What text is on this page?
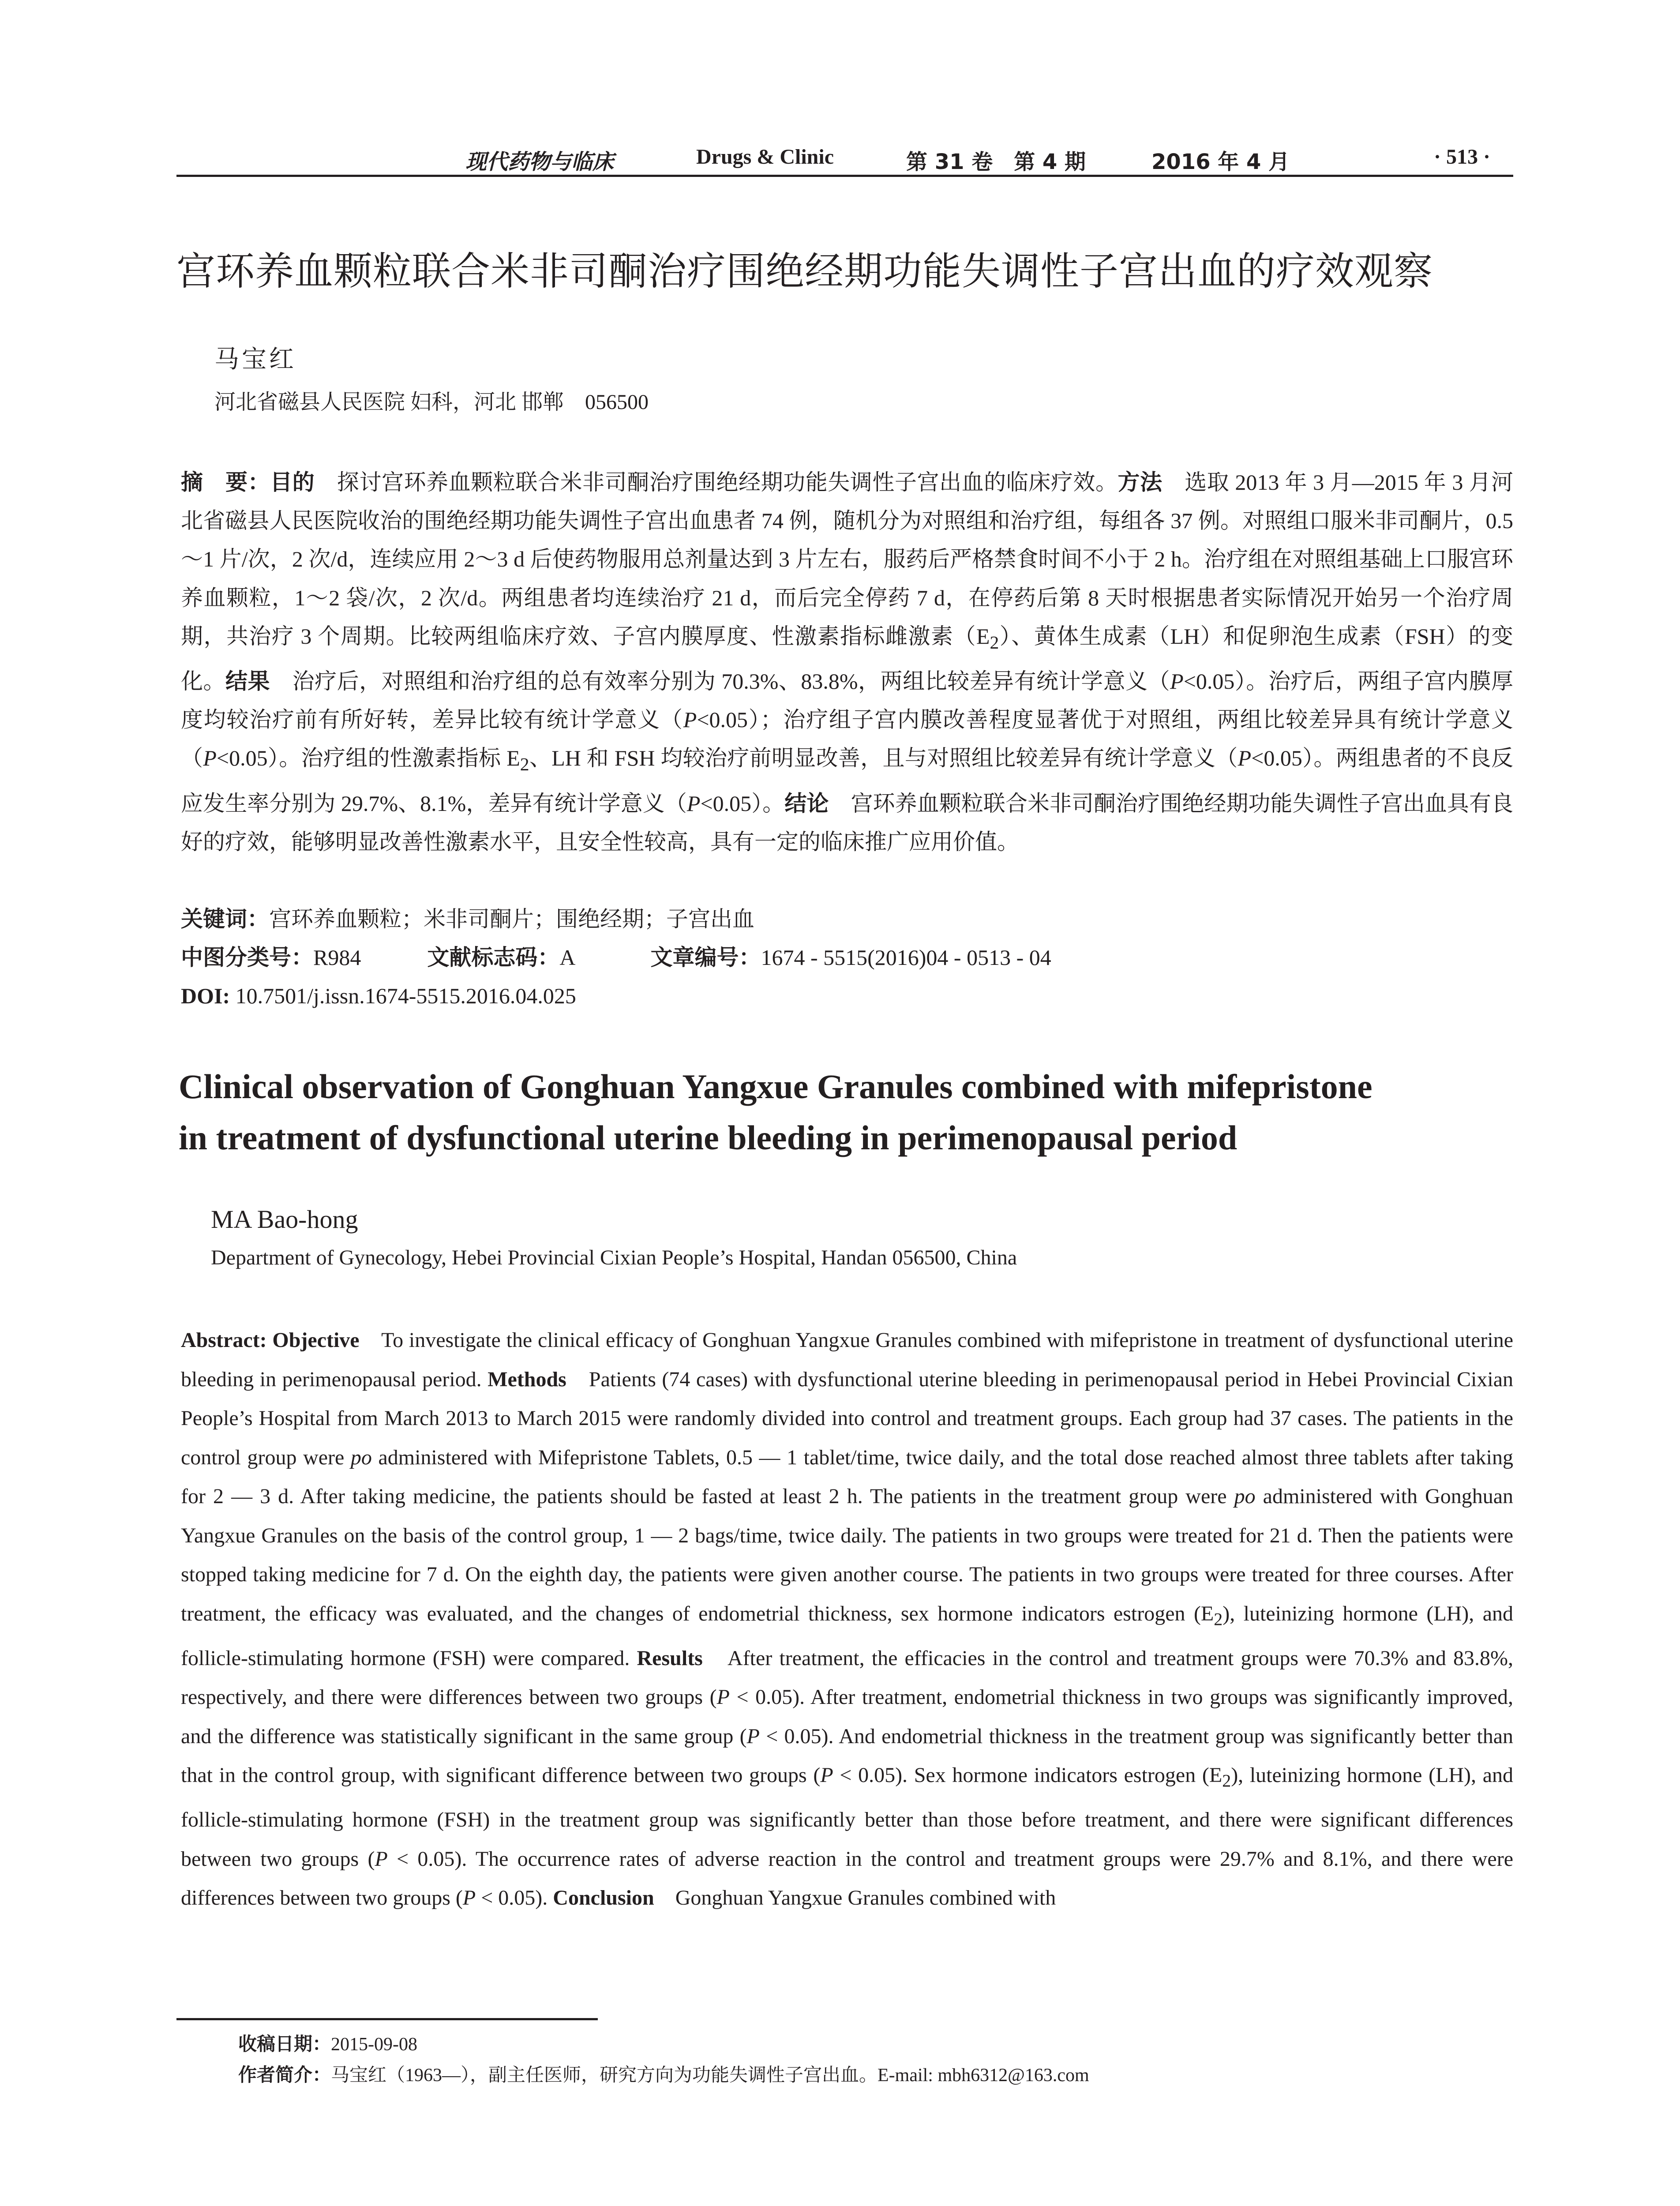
现代药物与临床	Drugs & Clinic	第 31 卷　第 4 期	2016 年 4 月	· 513 ·
宫环养血颗粒联合米非司酮治疗围绝经期功能失调性子宫出血的疗效观察
马宝红
河北省磁县人民医院 妇科，河北 邯郸　056500

摘　要：目的　探讨宫环养血颗粒联合米非司酮治疗围绝经期功能失调性子宫出血的临床疗效。方法　选取 2013 年 3 月—2015 年 3 月河北省磁县人民医院收治的围绝经期功能失调性子宫出血患者 74 例，随机分为对照组和治疗组，每组各 37 例。对照组口服米非司酮片，0.5～1 片/次，2 次/d，连续应用 2～3 d 后使药物服用总剂量达到 3 片左右，服药后严格禁食时间不小于 2 h。治疗组在对照组基础上口服宫环养血颗粒，1～2 袋/次，2 次/d。两组患者均连续治疗 21 d，而后完全停药 7 d，在停药后第 8 天时根据患者实际情况开始另一个治疗周期，共治疗 3 个周期。比较两组临床疗效、子宫内膜厚度、性激素指标雌激素$(E_2)$、黄体生成素（LH）和促卵泡生成素（FSH）的变化。结果　治疗后，对照组和治疗组的总有效率分别为 70.3%、83.8%，两组比较差异有统计学意义（P<0.05）。治疗后，两组子宫内膜厚度均较治疗前有所好转，差异比较有统计学意义（P<0.05）；治疗组子宫内膜改善程度显著优于对照组，两组比较差异具有统计学意义（P<0.05）。治疗组的性激素指标 $E_2$、LH 和 FSH 均较治疗前明显改善，且与对照组比较差异有统计学意义（P<0.05）。两组患者的不良反应发生率分别为 29.7%、8.1%，差异有统计学意义（P<0.05）。结论　宫环养血颗粒联合米非司酮治疗围绝经期功能失调性子宫出血具有良好的疗效，能够明显改善性激素水平，且安全性较高，具有一定的临床推广应用价值。

关键词：宫环养血颗粒；米非司酮片；围绝经期；子宫出血
中图分类号：R984	文献标志码：A	文章编号：1674 - 5515(2016)04 - 0513 - 04
DOI: 10.7501/j.issn.1674-5515.2016.04.025
Clinical observation of Gonghuan Yangxue Granules combined with mifepristone
in treatment of dysfunctional uterine bleeding in perimenopausal period
MA Bao-hong
Department of Gynecology, Hebei Provincial Cixian People’s Hospital, Handan 056500, China

Abstract: Objective　To investigate the clinical efficacy of Gonghuan Yangxue Granules combined with mifepristone in treatment of dysfunctional uterine bleeding in perimenopausal period. Methods　Patients (74 cases) with dysfunctional uterine bleeding in perimenopausal period in Hebei Provincial Cixian People’s Hospital from March 2013 to March 2015 were randomly divided into control and treatment groups. Each group had 37 cases. The patients in the control group were po administered with Mifepristone Tablets, 0.5 — 1 tablet/time, twice daily, and the total dose reached almost three tablets after taking for 2 — 3 d. After taking medicine, the patients should be fasted at least 2 h. The patients in the treatment group were po administered with Gonghuan Yangxue Granules on the basis of the control group, 1 — 2 bags/time, twice daily. The patients in two groups were treated for 21 d. Then the patients were stopped taking medicine for 7 d. On the eighth day, the patients were given another course. The patients in two groups were treated for three courses. After treatment, the efficacy was evaluated, and the changes of endometrial thickness, sex hormone indicators estrogen $(E_2)$, luteinizing hormone (LH), and follicle-stimulating hormone (FSH) were compared. Results　After treatment, the efficacies in the control and treatment groups were 70.3% and 83.8%, respectively, and there were differences between two groups (P < 0.05). After treatment, endometrial thickness in two groups was significantly improved, and the difference was statistically significant in the same group (P < 0.05). And endometrial thickness in the treatment group was significantly better than that in the control group, with significant difference between two groups (P < 0.05). Sex hormone indicators estrogen $(E_2)$, luteinizing hormone (LH), and follicle-stimulating hormone (FSH) in the treatment group was significantly better than those before treatment, and there were significant differences between two groups (P < 0.05). The occurrence rates of adverse reaction in the control and treatment groups were 29.7% and 8.1%, and there were differences between two groups (P < 0.05). Conclusion　Gonghuan Yangxue Granules combined with

收稿日期：2015-09-08
作者简介：马宝红（1963—），副主任医师，研究方向为功能失调性子宫出血。E-mail: mbh6312@163.com
